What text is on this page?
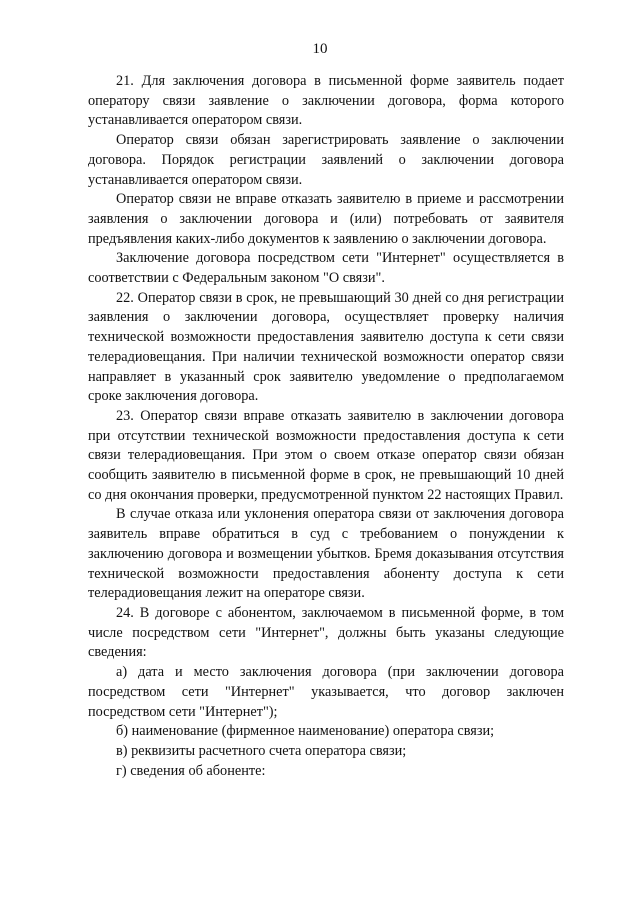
10

21. Для заключения договора в письменной форме заявитель подает оператору связи заявление о заключении договора, форма которого устанавливается оператором связи.

Оператор связи обязан зарегистрировать заявление о заключении договора. Порядок регистрации заявлений о заключении договора устанавливается оператором связи.

Оператор связи не вправе отказать заявителю в приеме и рассмотрении заявления о заключении договора и (или) потребовать от заявителя предъявления каких-либо документов к заявлению о заключении договора.

Заключение договора посредством сети "Интернет" осуществляется в соответствии с Федеральным законом "О связи".

22. Оператор связи в срок, не превышающий 30 дней со дня регистрации заявления о заключении договора, осуществляет проверку наличия технической возможности предоставления заявителю доступа к сети связи телерадиовещания. При наличии технической возможности оператор связи направляет в указанный срок заявителю уведомление о предполагаемом сроке заключения договора.

23. Оператор связи вправе отказать заявителю в заключении договора при отсутствии технической возможности предоставления доступа к сети связи телерадиовещания. При этом о своем отказе оператор связи обязан сообщить заявителю в письменной форме в срок, не превышающий 10 дней со дня окончания проверки, предусмотренной пунктом 22 настоящих Правил.

В случае отказа или уклонения оператора связи от заключения договора заявитель вправе обратиться в суд с требованием о понуждении к заключению договора и возмещении убытков. Бремя доказывания отсутствия технической возможности предоставления абоненту доступа к сети телерадиовещания лежит на операторе связи.

24. В договоре с абонентом, заключаемом в письменной форме, в том числе посредством сети "Интернет", должны быть указаны следующие сведения:

а) дата и место заключения договора (при заключении договора посредством сети "Интернет" указывается, что договор заключен посредством сети "Интернет");

б) наименование (фирменное наименование) оператора связи;

в) реквизиты расчетного счета оператора связи;

г) сведения об абоненте:
